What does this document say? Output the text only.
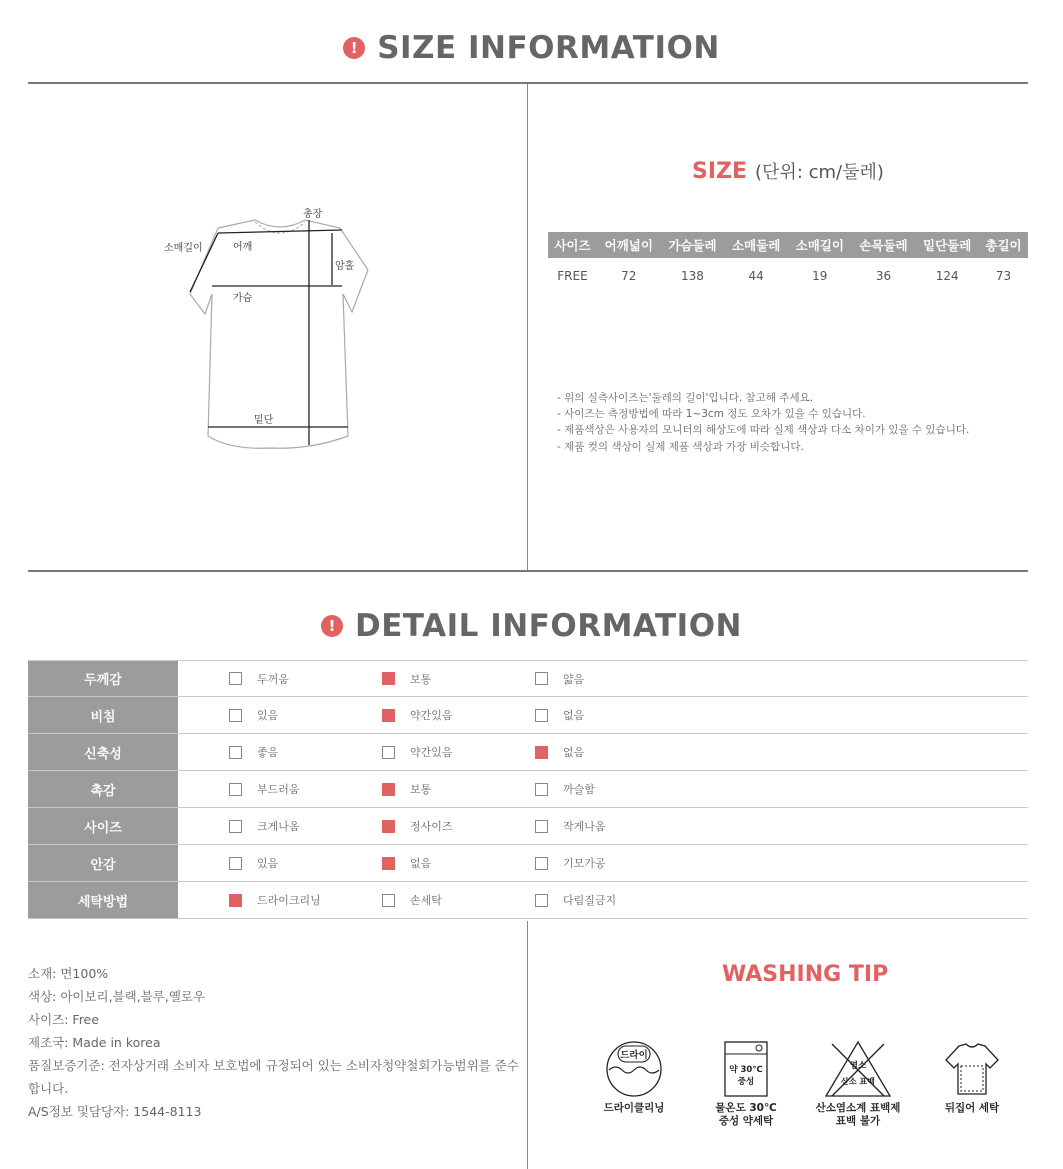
! SIZE INFORMATION
총장
소매길이	어깨
암홀
가슴
밑단
SIZE (단위: cm/둘레)
사이즈	어깨넓이	가슴둘레	소매둘레	소매길이	손목둘레	밑단둘레	총길이
FREE	72	138	44	19	36	124	73
- 위의 실측사이즈는'둘레의 길이'입니다. 참고해 주세요.
- 사이즈는 측정방법에 따라 1~3cm 정도 오차가 있을 수 있습니다.
- 제품색상은 사용자의 모니터의 해상도에 따라 실제 색상과 다소 차이가 있을 수 있습니다.
- 제품 컷의 색상이 실제 제품 색상과 가장 비슷합니다.
! DETAIL INFORMATION
두께감	두꺼움	보통	얇음
비침	있음	약간있음	없음
신축성	좋음	약간있음	없음
촉감	부드러움	보통	까슬함
사이즈	크게나옴	정사이즈	작게나옴
안감	있음	없음	기모가공
세탁방법	드라이크리닝	손세탁	다림질금지
소재: 면100%
색상: 아이보리,블랙,블루,옐로우
사이즈: Free
제조국: Made in korea
품질보증기준: 전자상거래 소비자 보호법에 규정되어 있는 소비자청약철회가능범위를 준수합니다.
A/S정보 및담당자: 1544-8113
WASHING TIP
드라이
드라이클리닝
약 30℃
중성
물온도 30℃
중성 약세탁
염소
산소 표백
산소염소계 표백제
표백 불가
뒤집어 세탁
